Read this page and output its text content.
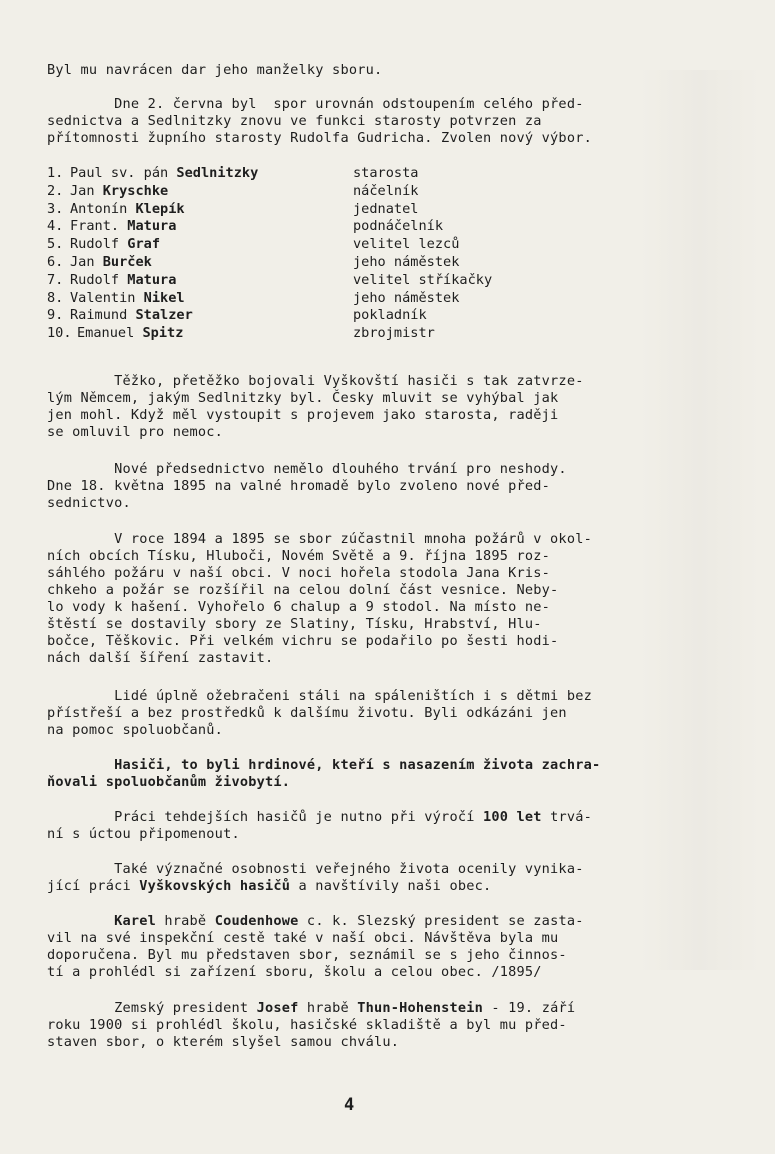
Byl mu navrácen dar jeho manželky sboru.

Dne 2. června byl  spor urovnán odstoupením celého před-
sednictva a Sedlnitzky znovu ve funkci starosty potvrzen za
přítomnosti župního starosty Rudolfa Gudricha. Zvolen nový výbor.

1. Paul sv. pán Sedlnitzky	starosta
2. Jan Kryschke	náčelník
3. Antonín Klepík	jednatel
4. Frant. Matura	podnáčelník
5. Rudolf Graf	velitel lezců
6. Jan Burček	jeho náměstek
7. Rudolf Matura	velitel stříkačky
8. Valentin Nikel	jeho náměstek
9. Raimund Stalzer	pokladník
10. Emanuel Spitz	zbrojmistr

Těžko, přetěžko bojovali Vyškovští hasiči s tak zatvrze-
lým Němcem, jakým Sedlnitzky byl. Česky mluvit se vyhýbal jak
jen mohl. Když měl vystoupit s projevem jako starosta, raději
se omluvil pro nemoc.

Nové předsednictvo nemělo dlouhého trvání pro neshody.
Dne 18. května 1895 na valné hromadě bylo zvoleno nové před-
sednictvo.

V roce 1894 a 1895 se sbor zúčastnil mnoha požárů v okol-
ních obcích Tísku, Hluboči, Novém Světě a 9. října 1895 roz-
sáhlého požáru v naší obci. V noci hořela stodola Jana Kris-
chkeho a požár se rozšířil na celou dolní část vesnice. Neby-
lo vody k hašení. Vyhořelo 6 chalup a 9 stodol. Na místo ne-
štěstí se dostavily sbory ze Slatiny, Tísku, Hrabství, Hlu-
bočce, Těškovic. Při velkém vichru se podařilo po šesti hodi-
nách další šíření zastavit.

Lidé úplně ožebračeni stáli na spáleništích i s dětmi bez
přístřeší a bez prostředků k dalšímu životu. Byli odkázáni jen
na pomoc spoluobčanů.

Hasiči, to byli hrdinové, kteří s nasazením života zachra-
ňovali spoluobčanům živobytí.

Práci tehdejších hasičů je nutno při výročí 100 let trvá-
ní s úctou připomenout.

Také význačné osobnosti veřejného života ocenily vynika-
jící práci Vyškovských hasičů a navštívily naši obec.

Karel hrabě Coudenhowe c. k. Slezský president se zasta-
vil na své inspekční cestě také v naší obci. Návštěva byla mu
doporučena. Byl mu představen sbor, seznámil se s jeho činnos-
tí a prohlédl si zařízení sboru, školu a celou obec. /1895/

Zemský president Josef hrabě Thun-Hohenstein - 19. září
roku 1900 si prohlédl školu, hasičské skladiště a byl mu před-
staven sbor, o kterém slyšel samou chválu.

4
